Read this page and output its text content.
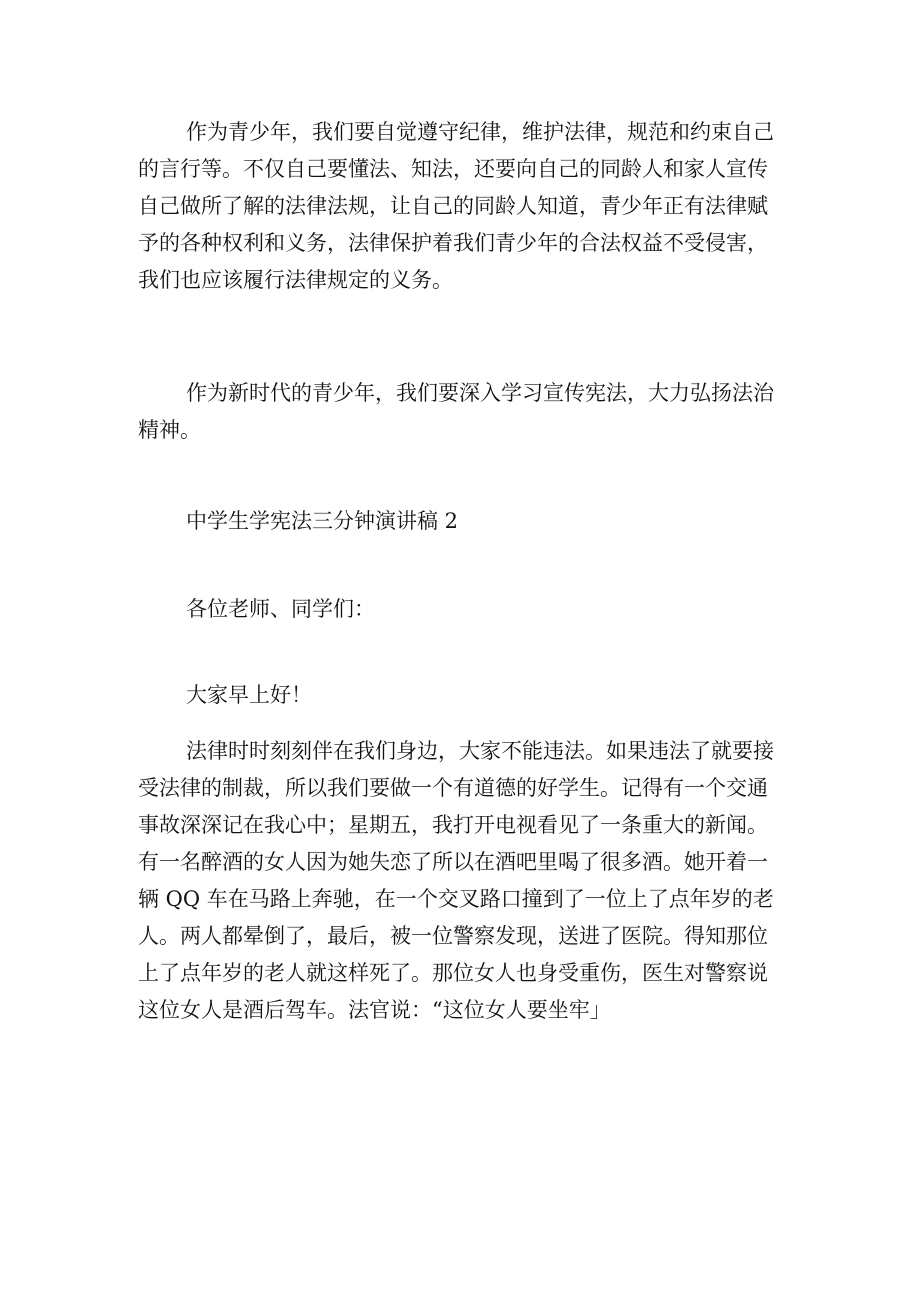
作为青少年，我们要自觉遵守纪律，维护法律，规范和约束自己
的言行等。不仅自己要懂法、知法，还要向自己的同龄人和家人宣传
自己做所了解的法律法规，让自己的同龄人知道，青少年正有法律赋
予的各种权利和义务，法律保护着我们青少年的合法权益不受侵害，
我们也应该履行法律规定的义务。
作为新时代的青少年，我们要深入学习宣传宪法，大力弘扬法治
精神。
中学生学宪法三分钟演讲稿 2
各位老师、同学们：
大家早上好！
法律时时刻刻伴在我们身边，大家不能违法。如果违法了就要接
受法律的制裁，所以我们要做一个有道德的好学生。记得有一个交通
事故深深记在我心中；星期五，我打开电视看见了一条重大的新闻。
有一名醉酒的女人因为她失恋了所以在酒吧里喝了很多酒。她开着一
辆 QQ 车在马路上奔驰，在一个交叉路口撞到了一位上了点年岁的老
人。两人都晕倒了，最后，被一位警察发现，送进了医院。得知那位
上了点年岁的老人就这样死了。那位女人也身受重伤，医生对警察说
这位女人是酒后驾车。法官说：“这位女人要坐牢」
